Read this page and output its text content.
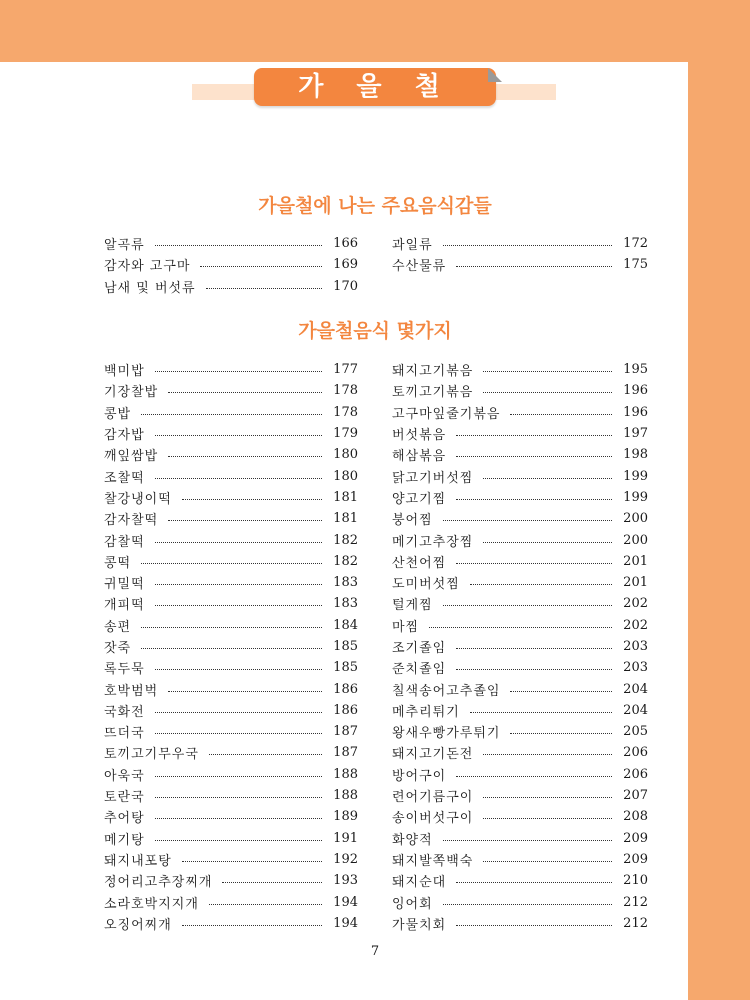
가 을 철
가을철에 나는 주요음식감들
알곡류	166
감자와 고구마	169
남새 및 버섯류	170
과일류	172
수산물류	175
가을철음식 몇가지
백미밥	177
기장찰밥	178
콩밥	178
감자밥	179
깨잎쌈밥	180
조찰떡	180
찰강냉이떡	181
감자찰떡	181
감찰떡	182
콩떡	182
귀밀떡	183
개피떡	183
송편	184
잣죽	185
록두묵	185
호박범벅	186
국화전	186
뜨더국	187
토끼고기무우국	187
아욱국	188
토란국	188
추어탕	189
메기탕	191
돼지내포탕	192
정어리고추장찌개	193
소라호박지지개	194
오징어찌개	194
돼지고기볶음	195
토끼고기볶음	196
고구마잎줄기볶음	196
버섯볶음	197
해삼볶음	198
닭고기버섯찜	199
양고기찜	199
붕어찜	200
메기고추장찜	200
산천어찜	201
도미버섯찜	201
털게찜	202
마찜	202
조기졸임	203
준치졸임	203
칠색송어고추졸임	204
메추리튀기	204
왕새우빵가루튀기	205
돼지고기돈전	206
방어구이	206
련어기름구이	207
송이버섯구이	208
화양적	209
돼지발쪽백숙	209
돼지순대	210
잉어회	212
가물치회	212
7
